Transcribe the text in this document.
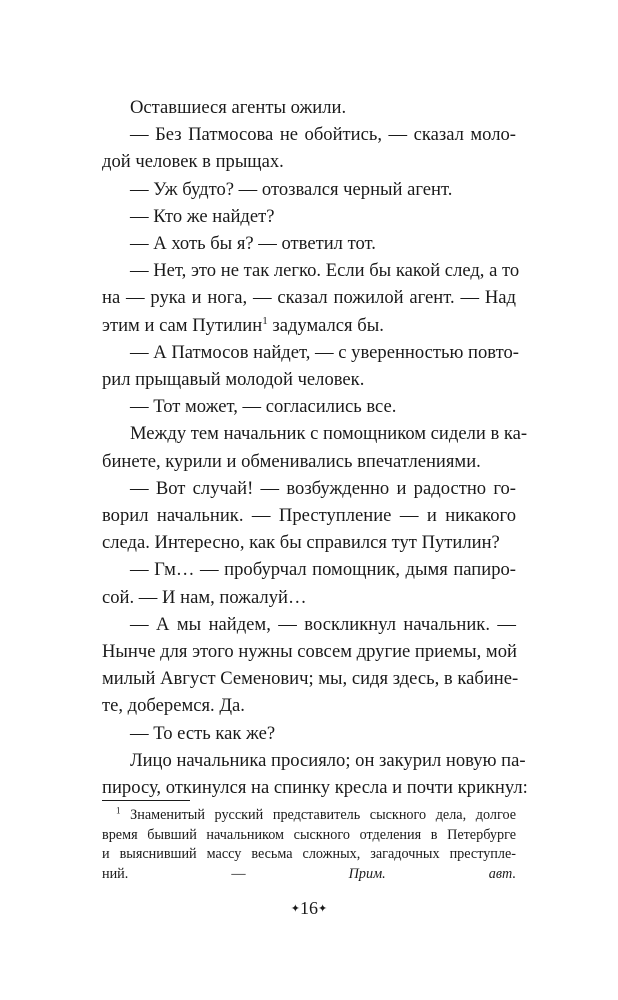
Оставшиеся агенты ожили.

— Без Патмосова не обойтись, — сказал моло-
дой человек в прыщах.

— Уж будто? — отозвался черный агент.

— Кто же найдет?

— А хоть бы я? — ответил тот.

— Нет, это не так легко. Если бы какой след, а то
на — рука и нога, — сказал пожилой агент. — Над
этим и сам Путилин$^1$ задумался бы.

— А Патмосов найдет, — с уверенностью повто-
рил прыщавый молодой человек.

— Тот может, — согласились все.

Между тем начальник с помощником сидели в ка-
бинете, курили и обменивались впечатлениями.

— Вот случай! — возбужденно и радостно го-
ворил начальник. — Преступление — и никакого
следа. Интересно, как бы справился тут Путилин?

— Гм… — пробурчал помощник, дымя папиро-
сой. — И нам, пожалуй…

— А мы найдем, — воскликнул начальник. —
Нынче для этого нужны совсем другие приемы, мой
милый Август Семенович; мы, сидя здесь, в кабине-
те, доберемся. Да.

— То есть как же?

Лицо начальника просияло; он закурил новую па-
пиросу, откинулся на спинку кресла и почти крикнул:

$^1$ Знаменитый русский представитель сыскного дела, долгое
время бывший начальником сыскного отделения в Петербурге
и выяснивший массу весьма сложных, загадочных преступле-
ний. — Прим. авт.
✦16✦
